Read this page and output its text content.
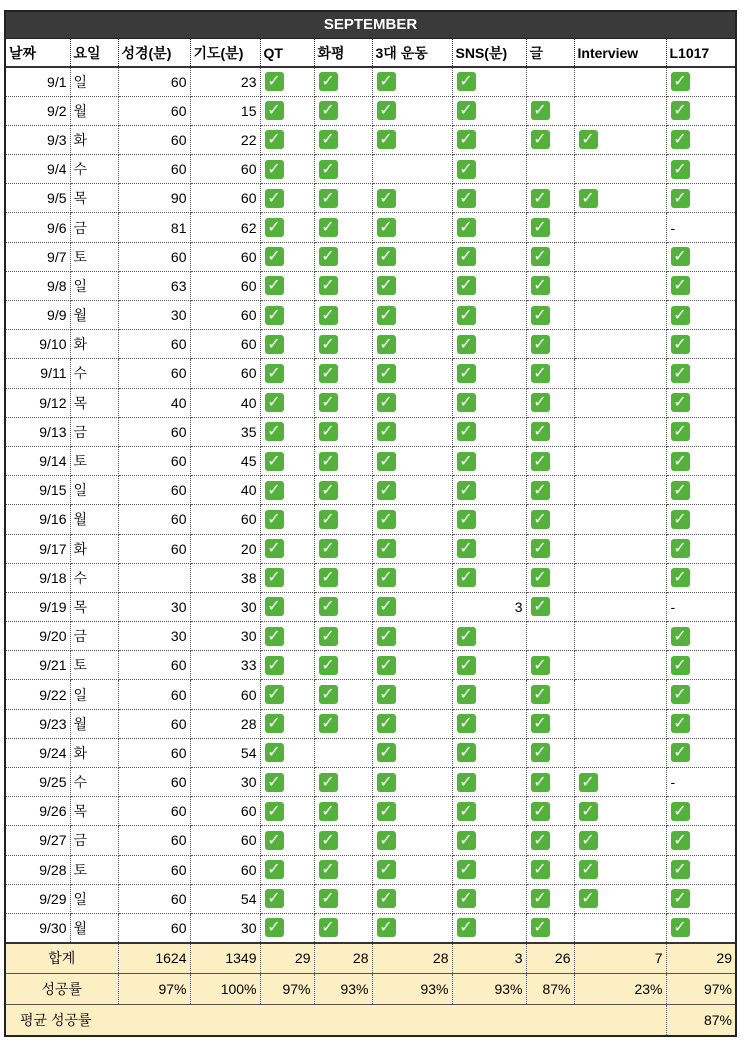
SEPTEMBER
날짜	요일	성경(분)	기도(분)	QT	화평	3대 운동	SNS(분)	글	Interview	L1017
9/1	일	60	23	✓	✓	✓	✓			✓
9/2	월	60	15	✓	✓	✓	✓	✓		✓
9/3	화	60	22	✓	✓	✓	✓	✓	✓	✓
9/4	수	60	60	✓	✓		✓			✓
9/5	목	90	60	✓	✓	✓	✓	✓	✓	✓
9/6	금	81	62	✓	✓	✓	✓	✓		-
9/7	토	60	60	✓	✓	✓	✓	✓		✓
9/8	일	63	60	✓	✓	✓	✓	✓		✓
9/9	월	30	60	✓	✓	✓	✓	✓		✓
9/10	화	60	60	✓	✓	✓	✓	✓		✓
9/11	수	60	60	✓	✓	✓	✓	✓		✓
9/12	목	40	40	✓	✓	✓	✓	✓		✓
9/13	금	60	35	✓	✓	✓	✓	✓		✓
9/14	토	60	45	✓	✓	✓	✓	✓		✓
9/15	일	60	40	✓	✓	✓	✓	✓		✓
9/16	월	60	60	✓	✓	✓	✓	✓		✓
9/17	화	60	20	✓	✓	✓	✓	✓		✓
9/18	수		38	✓	✓	✓	✓	✓		✓
9/19	목	30	30	✓	✓	✓	3	✓		-
9/20	금	30	30	✓	✓	✓	✓			✓
9/21	토	60	33	✓	✓	✓	✓	✓		✓
9/22	일	60	60	✓	✓	✓	✓	✓		✓
9/23	월	60	28	✓	✓	✓	✓	✓		✓
9/24	화	60	54	✓		✓	✓	✓		✓
9/25	수	60	30	✓	✓	✓	✓	✓	✓	-
9/26	목	60	60	✓	✓	✓	✓	✓	✓	✓
9/27	금	60	60	✓	✓	✓	✓	✓	✓	✓
9/28	토	60	60	✓	✓	✓	✓	✓	✓	✓
9/29	일	60	54	✓	✓	✓	✓	✓	✓	✓
9/30	월	60	30	✓	✓	✓	✓	✓		✓
합계		1624	1349	29	28	28	3	26	7	29
성공률		97%	100%	97%	93%	93%	93%	87%	23%	97%
평균 성공률										87%
